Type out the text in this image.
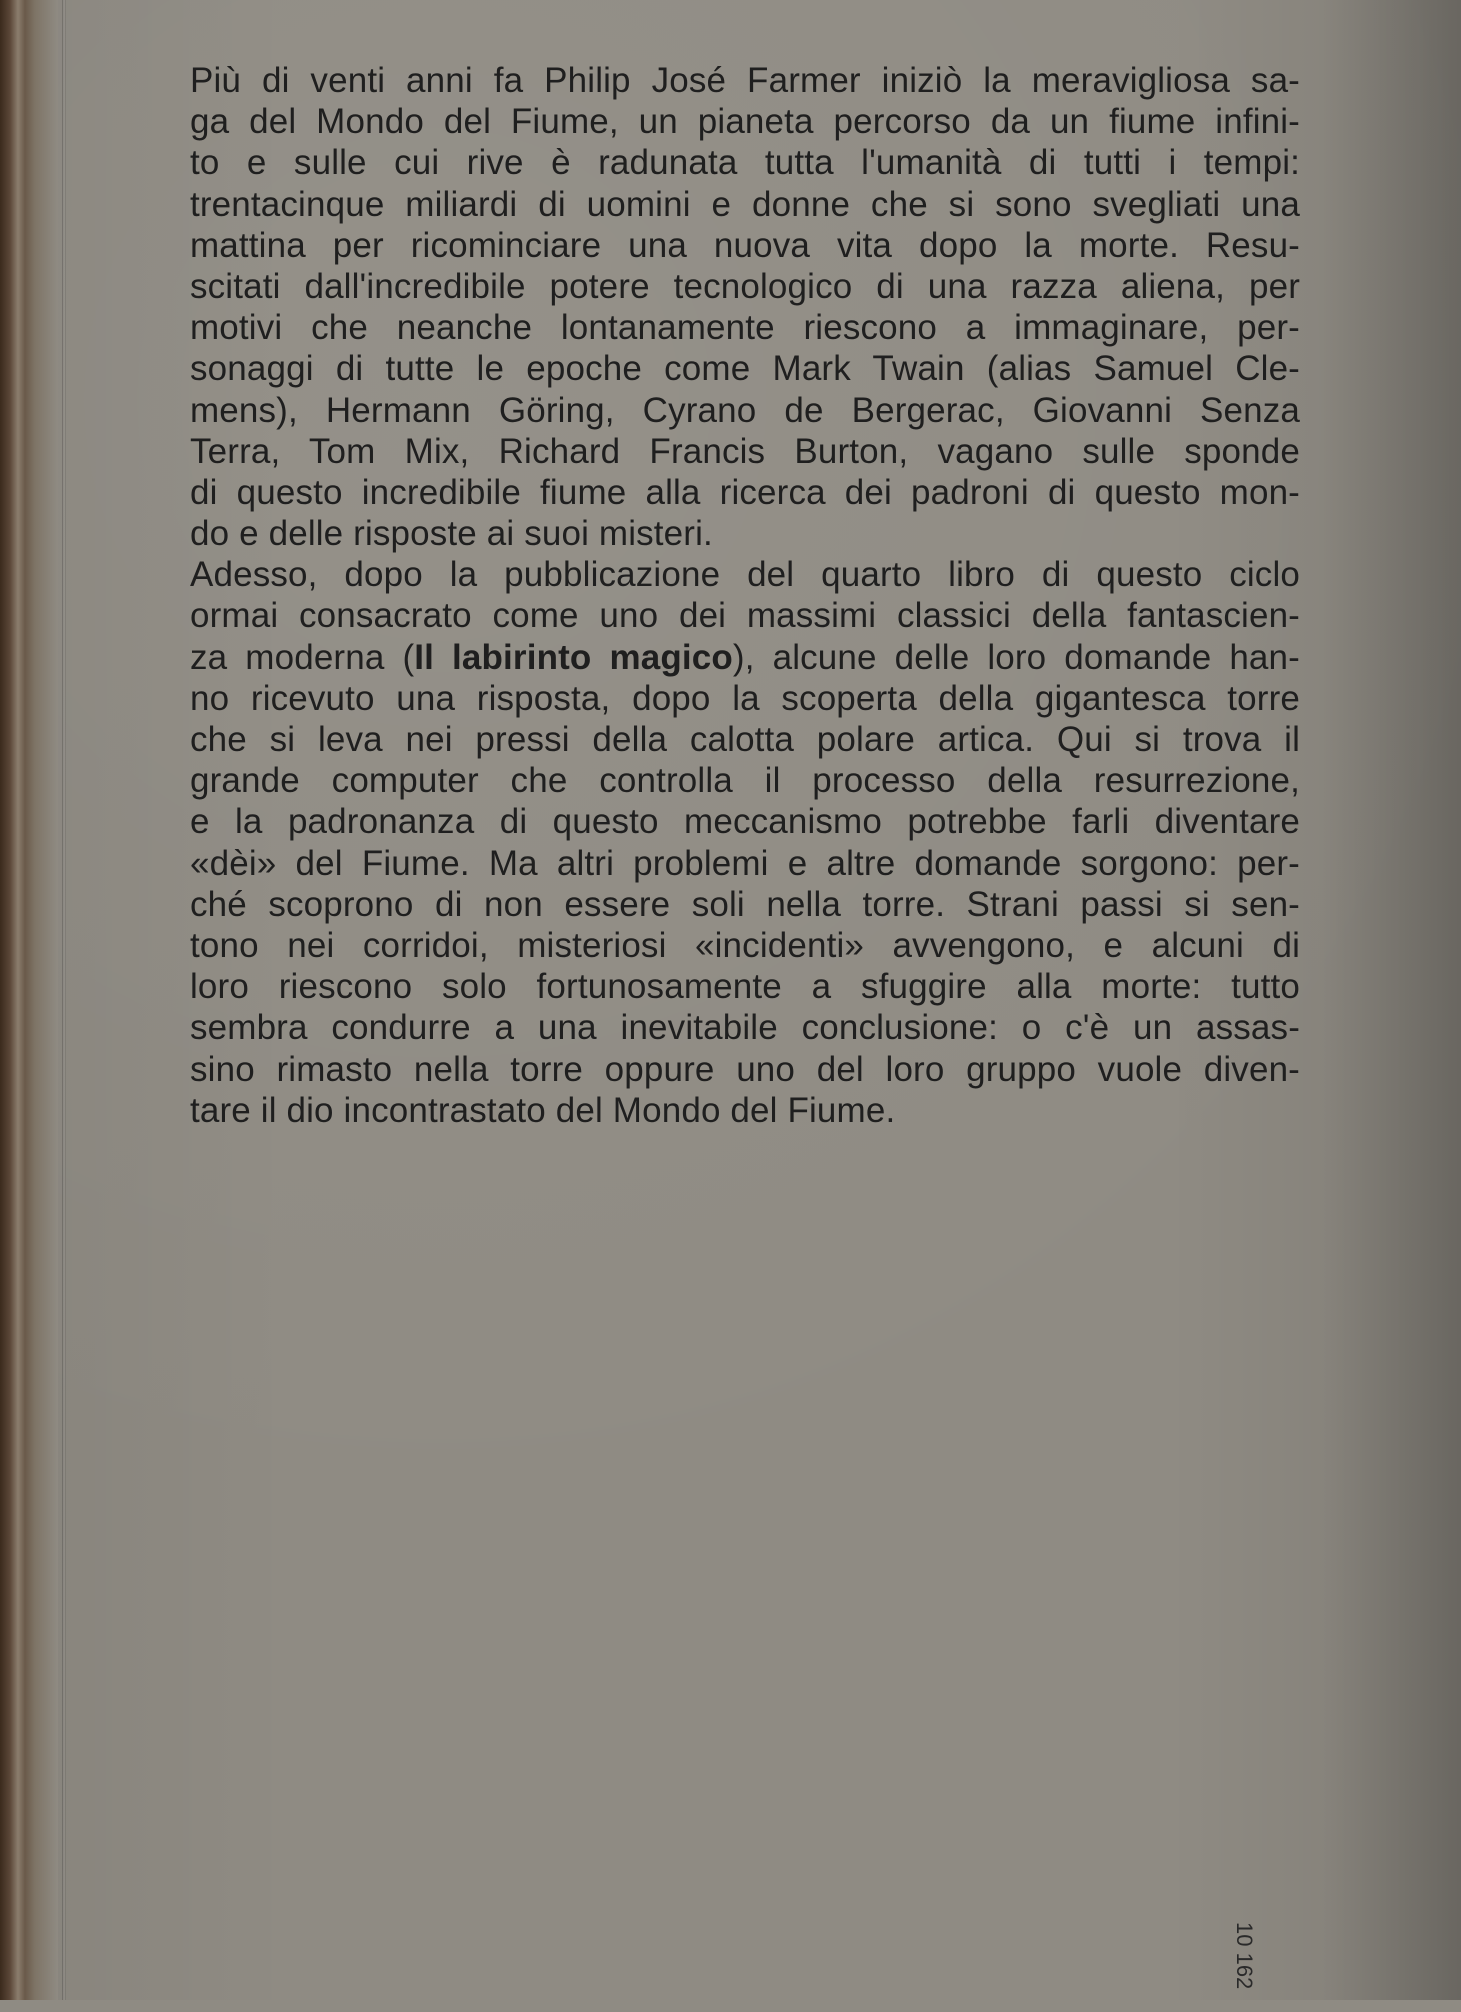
Più di venti anni fa Philip José Farmer iniziò la meravigliosa sa-
ga del Mondo del Fiume, un pianeta percorso da un fiume infini-
to e sulle cui rive è radunata tutta l'umanità di tutti i tempi:
trentacinque miliardi di uomini e donne che si sono svegliati una
mattina per ricominciare una nuova vita dopo la morte. Resu-
scitati dall'incredibile potere tecnologico di una razza aliena, per
motivi che neanche lontanamente riescono a immaginare, per-
sonaggi di tutte le epoche come Mark Twain (alias Samuel Cle-
mens), Hermann Göring, Cyrano de Bergerac, Giovanni Senza
Terra, Tom Mix, Richard Francis Burton, vagano sulle sponde
di questo incredibile fiume alla ricerca dei padroni di questo mon-
do e delle risposte ai suoi misteri.
Adesso, dopo la pubblicazione del quarto libro di questo ciclo
ormai consacrato come uno dei massimi classici della fantascien-
za moderna (Il labirinto magico), alcune delle loro domande han-
no ricevuto una risposta, dopo la scoperta della gigantesca torre
che si leva nei pressi della calotta polare artica. Qui si trova il
grande computer che controlla il processo della resurrezione,
e la padronanza di questo meccanismo potrebbe farli diventare
«dèi» del Fiume. Ma altri problemi e altre domande sorgono: per-
ché scoprono di non essere soli nella torre. Strani passi si sen-
tono nei corridoi, misteriosi «incidenti» avvengono, e alcuni di
loro riescono solo fortunosamente a sfuggire alla morte: tutto
sembra condurre a una inevitabile conclusione: o c'è un assas-
sino rimasto nella torre oppure uno del loro gruppo vuole diven-
tare il dio incontrastato del Mondo del Fiume.
10 162
